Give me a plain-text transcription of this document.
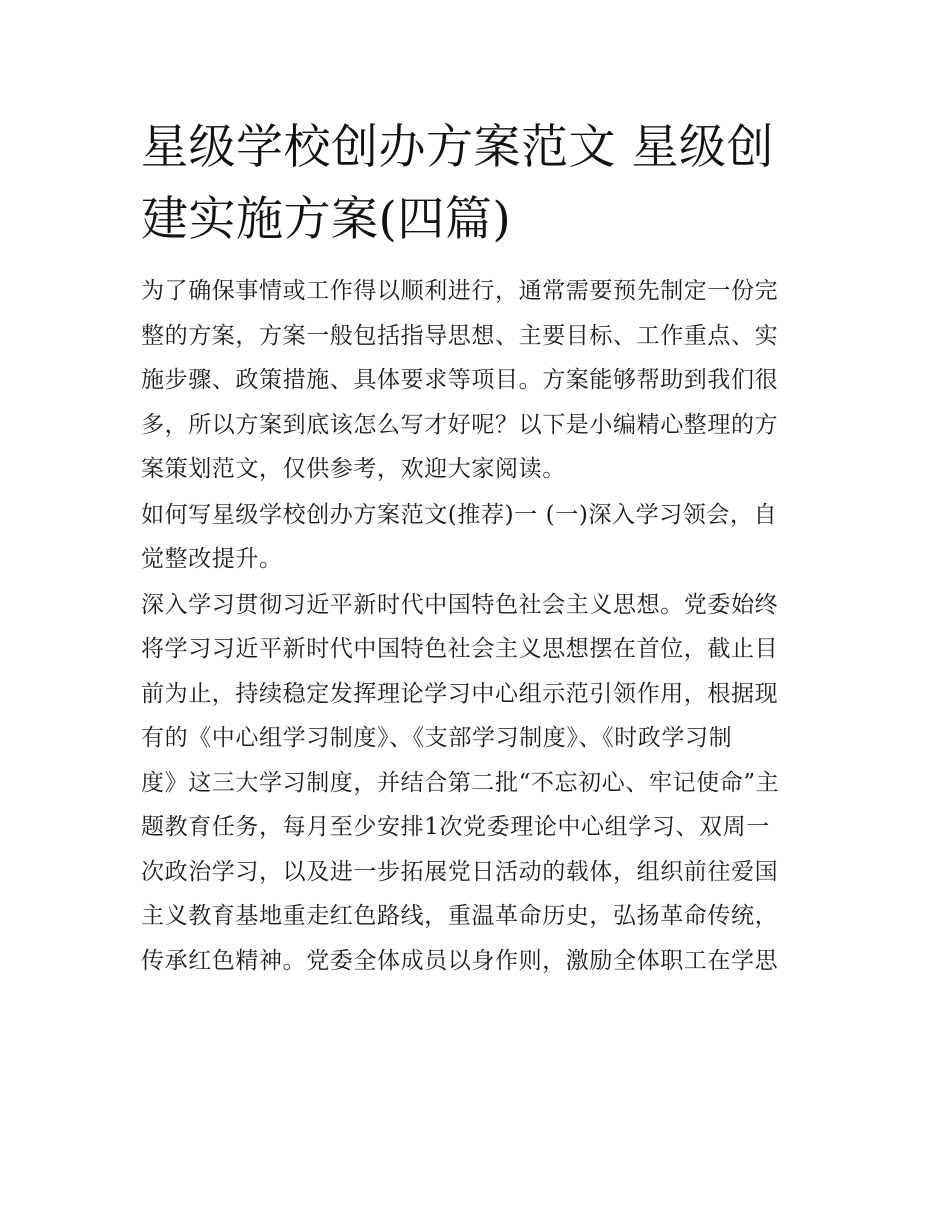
星级学校创办方案范文 星级创
建实施方案(四篇)

为了确保事情或工作得以顺利进行，通常需要预先制定一份完
整的方案，方案一般包括指导思想、主要目标、工作重点、实
施步骤、政策措施、具体要求等项目。方案能够帮助到我们很
多，所以方案到底该怎么写才好呢？以下是小编精心整理的方
案策划范文，仅供参考，欢迎大家阅读。

如何写星级学校创办方案范文(推荐)一 (一)深入学习领会，自
觉整改提升。

深入学习贯彻习近平新时代中国特色社会主义思想。党委始终
将学习习近平新时代中国特色社会主义思想摆在首位，截止目
前为止，持续稳定发挥理论学习中心组示范引领作用，根据现
有的《中心组学习制度》、《支部学习制度》、《时政学习制
度》这三大学习制度，并结合第二批“不忘初心、牢记使命”主
题教育任务，每月至少安排1次党委理论中心组学习、双周一
次政治学习，以及进一步拓展党日活动的载体，组织前往爱国
主义教育基地重走红色路线，重温革命历史，弘扬革命传统，
传承红色精神。党委全体成员以身作则，激励全体职工在学思
